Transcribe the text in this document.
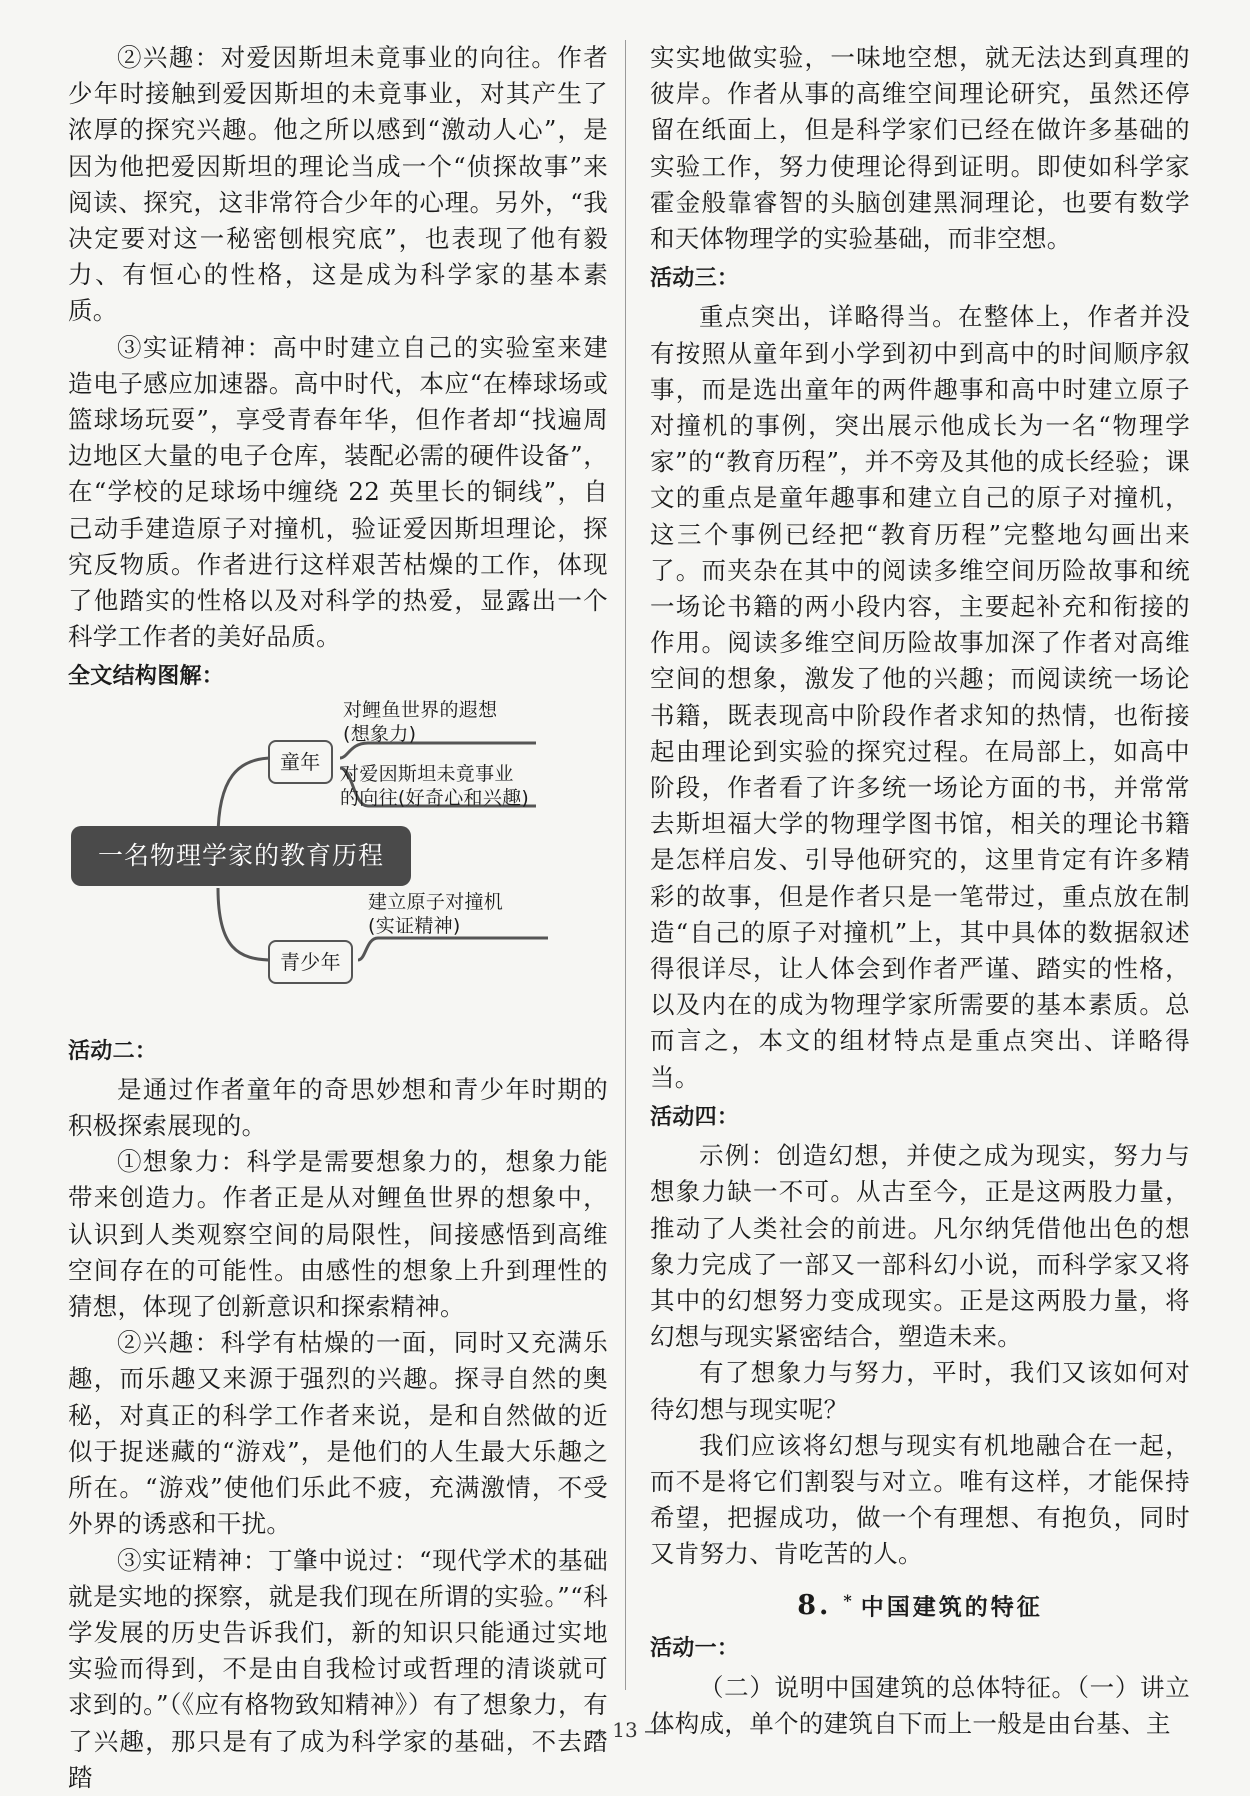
②兴趣：对爱因斯坦未竟事业的向往。作者少年时接触到爱因斯坦的未竟事业，对其产生了浓厚的探究兴趣。他之所以感到“激动人心”，是因为他把爱因斯坦的理论当成一个“侦探故事”来阅读、探究，这非常符合少年的心理。另外，“我决定要对这一秘密刨根究底”，也表现了他有毅力、有恒心的性格，这是成为科学家的基本素质。

③实证精神：高中时建立自己的实验室来建造电子感应加速器。高中时代，本应“在棒球场或篮球场玩耍”，享受青春年华，但作者却“找遍周边地区大量的电子仓库，装配必需的硬件设备”，在“学校的足球场中缠绕 22 英里长的铜线”，自己动手建造原子对撞机，验证爱因斯坦理论，探究反物质。作者进行这样艰苦枯燥的工作，体现了他踏实的性格以及对科学的热爱，显露出一个科学工作者的美好品质。

全文结构图解：
一名物理学家的教育历程
童年
青少年
对鲤鱼世界的遐想
(想象力)
对爱因斯坦未竟事业
的向往(好奇心和兴趣)
建立原子对撞机
(实证精神)
活动二：

是通过作者童年的奇思妙想和青少年时期的积极探索展现的。

①想象力：科学是需要想象力的，想象力能带来创造力。作者正是从对鲤鱼世界的想象中，认识到人类观察空间的局限性，间接感悟到高维空间存在的可能性。由感性的想象上升到理性的猜想，体现了创新意识和探索精神。

②兴趣：科学有枯燥的一面，同时又充满乐趣，而乐趣又来源于强烈的兴趣。探寻自然的奥秘，对真正的科学工作者来说，是和自然做的近似于捉迷藏的“游戏”，是他们的人生最大乐趣之所在。“游戏”使他们乐此不疲，充满激情，不受外界的诱惑和干扰。

③实证精神：丁肇中说过：“现代学术的基础就是实地的探察，就是我们现在所谓的实验。”“科学发展的历史告诉我们，新的知识只能通过实地实验而得到，不是由自我检讨或哲理的清谈就可求到的。”（《应有格物致知精神》）有了想象力，有了兴趣，那只是有了成为科学家的基础，不去踏踏

实实地做实验，一味地空想，就无法达到真理的彼岸。作者从事的高维空间理论研究，虽然还停留在纸面上，但是科学家们已经在做许多基础的实验工作，努力使理论得到证明。即使如科学家霍金般靠睿智的头脑创建黑洞理论，也要有数学和天体物理学的实验基础，而非空想。

活动三：

重点突出，详略得当。在整体上，作者并没有按照从童年到小学到初中到高中的时间顺序叙事，而是选出童年的两件趣事和高中时建立原子对撞机的事例，突出展示他成长为一名“物理学家”的“教育历程”，并不旁及其他的成长经验；课文的重点是童年趣事和建立自己的原子对撞机，这三个事例已经把“教育历程”完整地勾画出来了。而夹杂在其中的阅读多维空间历险故事和统一场论书籍的两小段内容，主要起补充和衔接的作用。阅读多维空间历险故事加深了作者对高维空间的想象，激发了他的兴趣；而阅读统一场论书籍，既表现高中阶段作者求知的热情，也衔接起由理论到实验的探究过程。在局部上，如高中阶段，作者看了许多统一场论方面的书，并常常去斯坦福大学的物理学图书馆，相关的理论书籍是怎样启发、引导他研究的，这里肯定有许多精彩的故事，但是作者只是一笔带过，重点放在制造“自己的原子对撞机”上，其中具体的数据叙述得很详尽，让人体会到作者严谨、踏实的性格，以及内在的成为物理学家所需要的基本素质。总而言之，本文的组材特点是重点突出、详略得当。

活动四：

示例：创造幻想，并使之成为现实，努力与想象力缺一不可。从古至今，正是这两股力量，推动了人类社会的前进。凡尔纳凭借他出色的想象力完成了一部又一部科幻小说，而科学家又将其中的幻想努力变成现实。正是这两股力量，将幻想与现实紧密结合，塑造未来。

有了想象力与努力，平时，我们又该如何对待幻想与现实呢？

我们应该将幻想与现实有机地融合在一起，而不是将它们割裂与对立。唯有这样，才能保持希望，把握成功，做一个有理想、有抱负，同时又肯努力、肯吃苦的人。

8. * 中国建筑的特征
活动一：

（二）说明中国建筑的总体特征。（一）讲立体构成，单个的建筑自下而上一般是由台基、主

— 13 —
